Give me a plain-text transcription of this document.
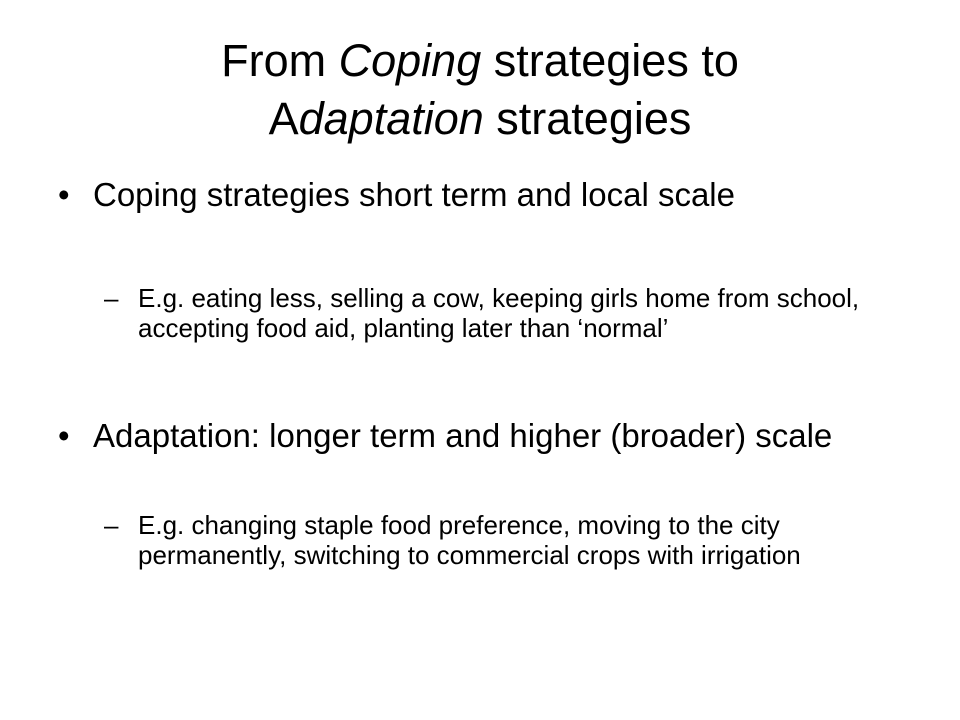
From Coping strategies to
Adaptation strategies
• Coping strategies short term and local scale
– E.g. eating less, selling a cow, keeping girls home from school, accepting food aid, planting later than ‘normal’
• Adaptation: longer term and higher (broader) scale
– E.g. changing staple food preference, moving to the city permanently, switching to commercial crops with irrigation
